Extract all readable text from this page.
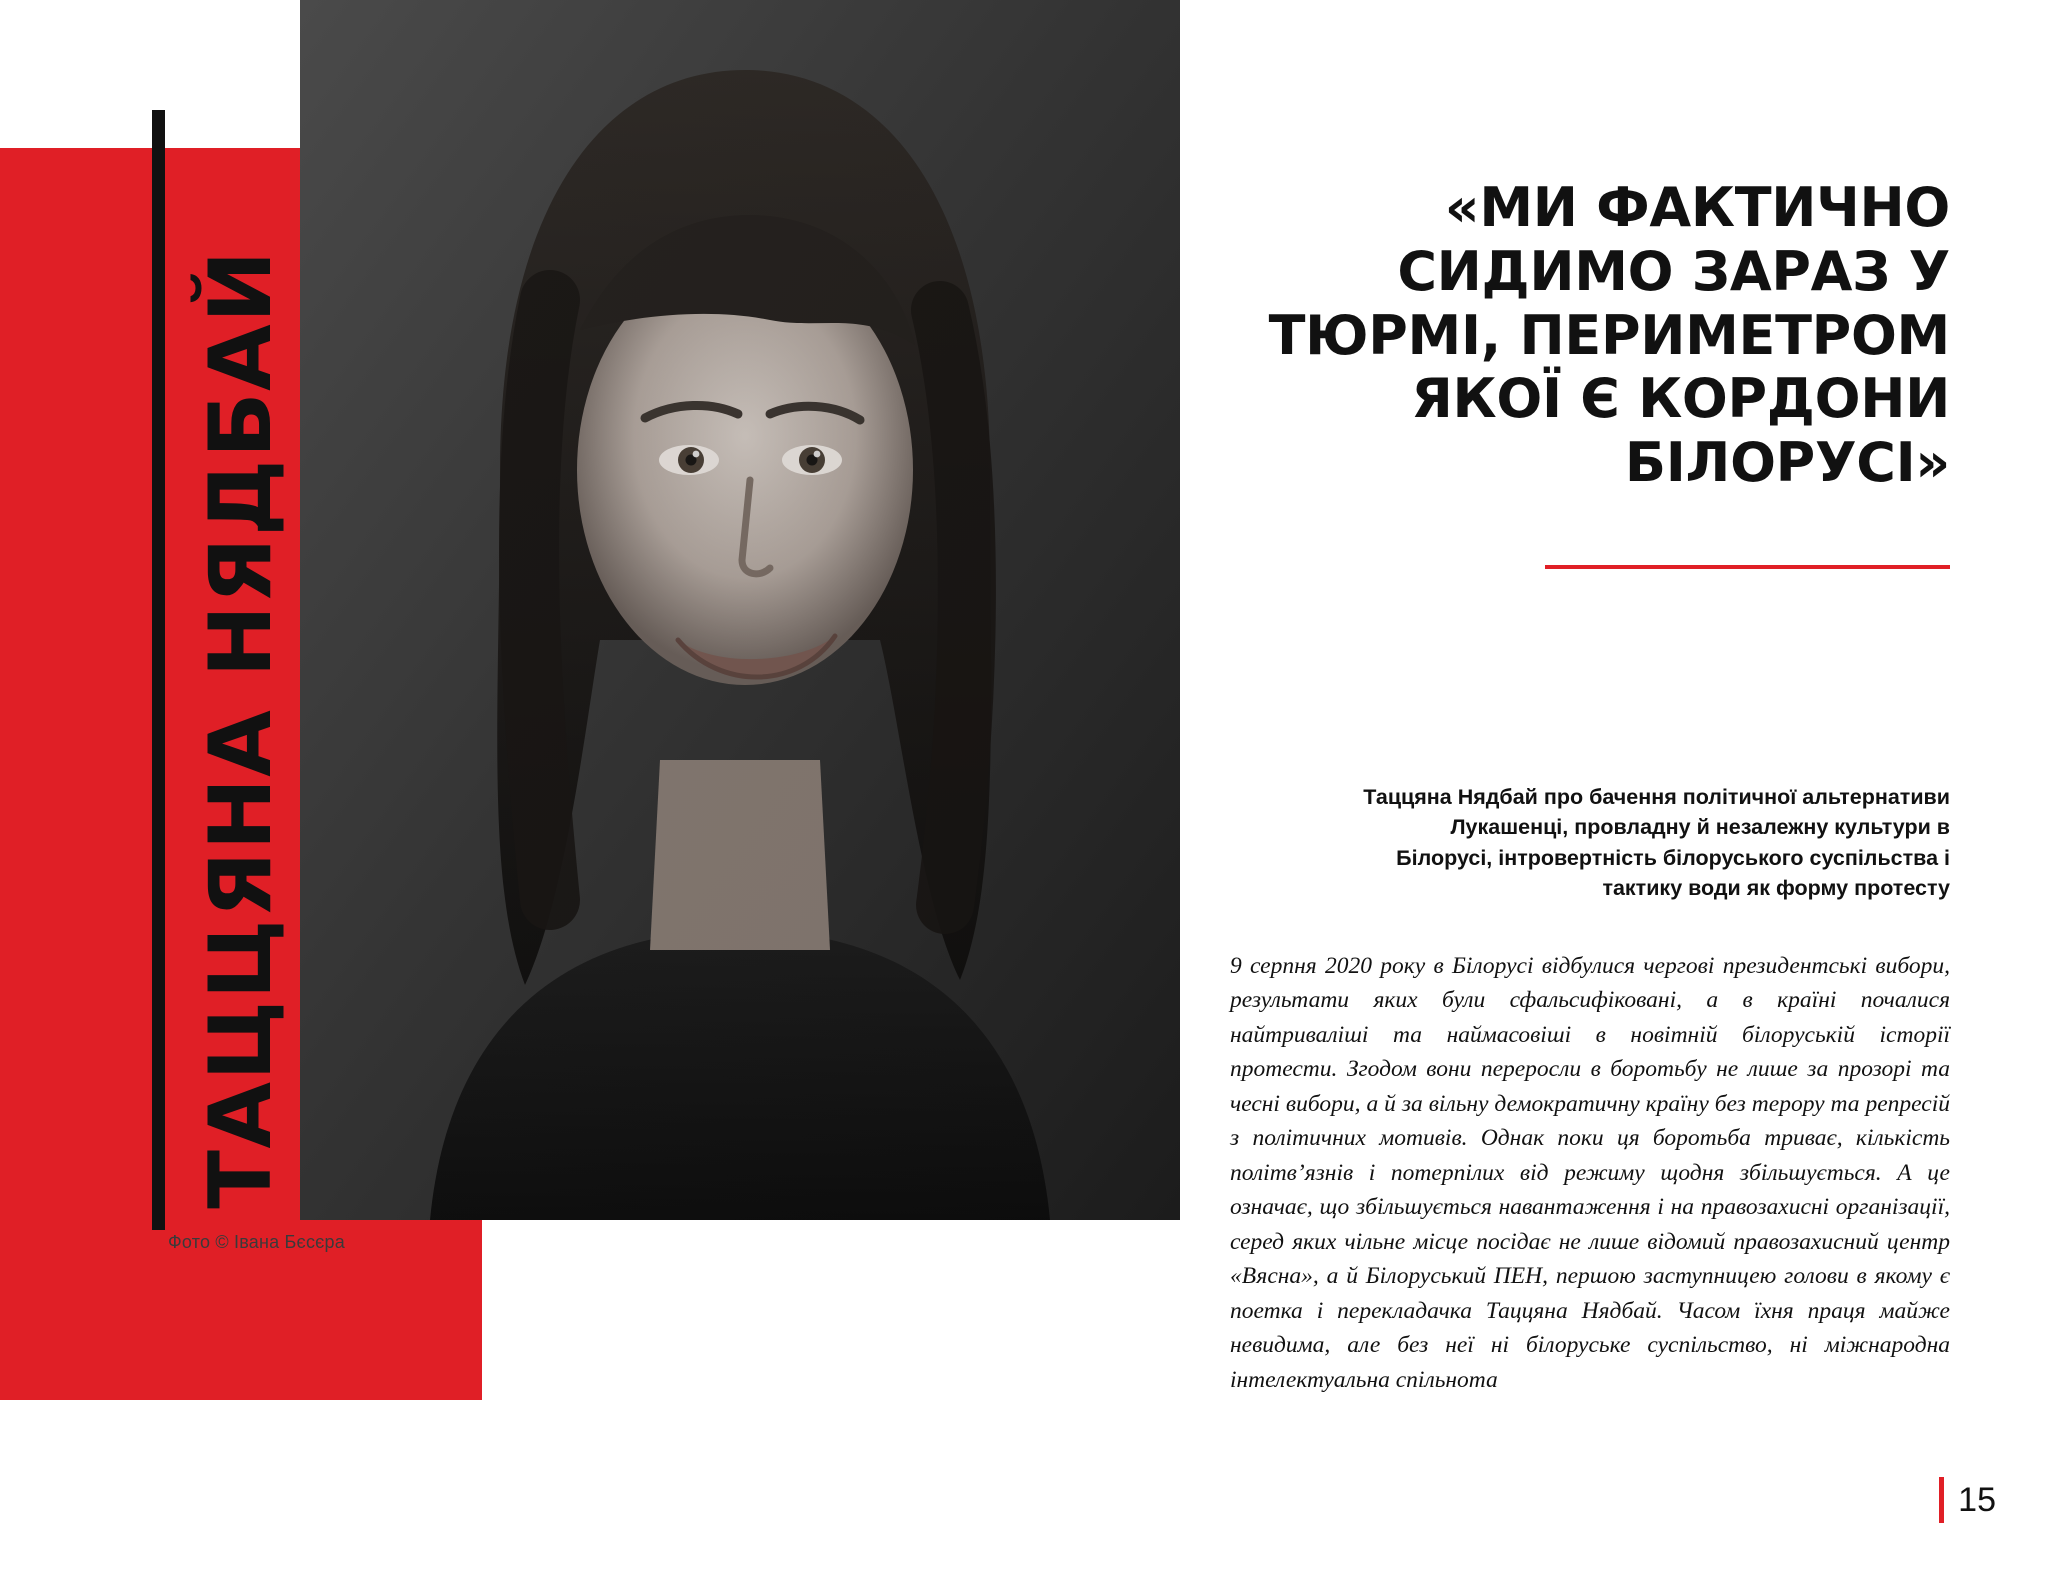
ТАЦЦЯНА НЯДБАЙ
Фото © Івана Бєсєра
«МИ ФАКТИЧНО СИДИМО ЗАРАЗ У ТЮРМІ, ПЕРИМЕТРОМ ЯКОЇ Є КОРДОНИ БІЛОРУСІ»

Таццяна Нядбай про бачення політичної альтернативи Лукашенці, провладну й незалежну культури в Білорусі, інтровертність білоруського суспільства і тактику води як форму протесту

9 серпня 2020 року в Білорусі відбулися чергові президентські вибори, результати яких були сфальсифіковані, а в країні почалися найтриваліші та наймасовіші в новітній білоруській історії протести. Згодом вони переросли в боротьбу не лише за прозорі та чесні вибори, а й за вільну демократичну країну без терору та репресій з політичних мотивів. Однак поки ця боротьба триває, кількість політв’язнів і потерпілих від режиму щодня збільшується. А це означає, що збільшується навантаження і на правозахисні організації, серед яких чільне місце посідає не лише відомий правозахисний центр «Вясна», а й Білоруський ПЕН, першою заступницею голови в якому є поетка і перекладачка Таццяна Нядбай. Часом їхня праця майже невидима, але без неї ні білоруське суспільство, ні міжнародна інтелектуальна спільнота

15
